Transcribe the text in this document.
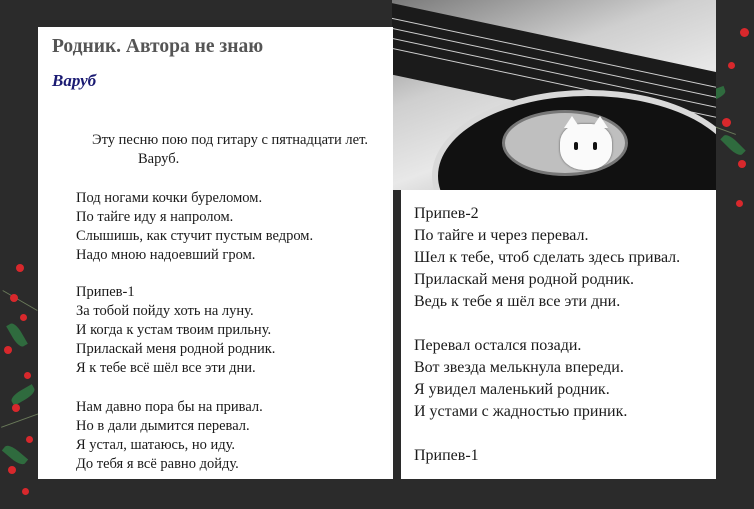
Родник. Автора не знаю
Варуб
Эту песню пою под гитару с пятнадцати лет.
Варуб.
Под ногами кочки буреломом.
По тайге иду я напролом.
Слышишь, как стучит пустым ведром.
Надо мною надоевший гром.
Припев-1
За тобой пойду хоть на луну.
И когда к устам твоим прильну.
Приласкай меня родной родник.
Я к тебе всё шёл все эти дни.
Нам давно пора бы на привал.
Но в дали дымится перевал.
Я устал, шатаюсь, но иду.
До тебя я всё равно дойду.
Припев-2
По тайге и через перевал.
Шел к тебе, чтоб сделать здесь привал.
Приласкай меня родной родник.
Ведь к тебе я шёл все эти дни.
Перевал остался позади.
Вот звезда мелькнула впереди.
Я увидел маленький родник.
И устами с жадностью приник.
Припев-1
